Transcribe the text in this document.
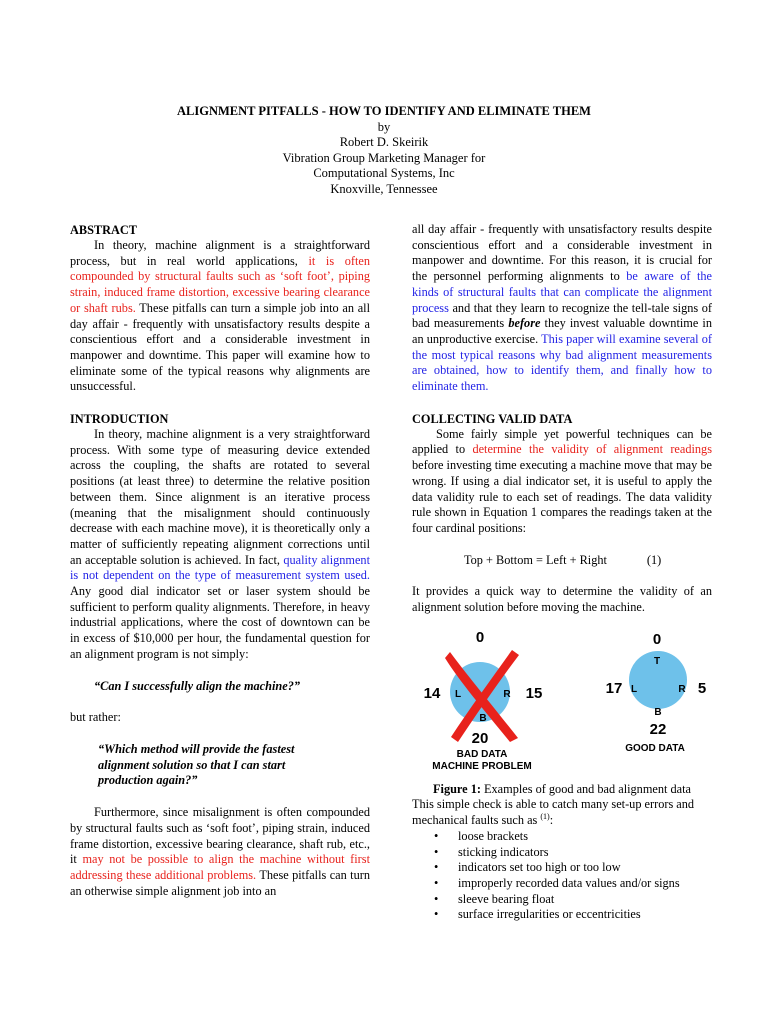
ALIGNMENT PITFALLS - HOW TO IDENTIFY AND ELIMINATE THEM
by
Robert D. Skeirik
Vibration Group Marketing Manager for
Computational Systems, Inc
Knoxville, Tennessee

ABSTRACT

In theory, machine alignment is a straightforward process, but in real world applications, it is often compounded by structural faults such as ‘soft foot’, piping strain, induced frame distortion, excessive bearing clearance or shaft rubs. These pitfalls can turn a simple job into an all day affair - frequently with unsatisfactory results despite a conscientious effort and a considerable investment in manpower and downtime. This paper will examine how to eliminate some of the typical reasons why alignments are unsuccessful.

INTRODUCTION

In theory, machine alignment is a very straightforward process. With some type of measuring device extended across the coupling, the shafts are rotated to several positions (at least three) to determine the relative position between them. Since alignment is an iterative process (meaning that the misalignment should continuously decrease with each machine move), it is theoretically only a matter of sufficiently repeating alignment corrections until an acceptable solution is achieved. In fact, quality alignment is not dependent on the type of measurement system used. Any good dial indicator set or laser system should be sufficient to perform quality alignments. Therefore, in heavy industrial applications, where the cost of downtown can be in excess of $10,000 per hour, the fundamental question for an alignment program is not simply:

“Can I successfully align the machine?”

but rather:

“Which method will provide the fastest alignment solution so that I can start production again?”

Furthermore, since misalignment is often compounded by structural faults such as ‘soft foot’, piping strain, induced frame distortion, excessive bearing clearance, shaft rub, etc., it may not be possible to align the machine without first addressing these additional problems. These pitfalls can turn an otherwise simple alignment job into an

all day affair - frequently with unsatisfactory results despite conscientious effort and a considerable investment in manpower and downtime. For this reason, it is crucial for the personnel performing alignments to be aware of the kinds of structural faults that can complicate the alignment process and that they learn to recognize the tell-tale signs of bad measurements before they invest valuable downtime in an unproductive exercise. This paper will examine several of the most typical reasons why bad alignment measurements are obtained, how to identify them, and finally how to eliminate them.

COLLECTING VALID DATA

Some fairly simple yet powerful techniques can be applied to determine the validity of alignment readings before investing time executing a machine move that may be wrong. If using a dial indicator set, it is useful to apply the data validity rule to each set of readings. The data validity rule shown in Equation 1 compares the readings taken at the four cardinal positions:

Top + Bottom = Left + Right	(1)

It provides a quick way to determine the validity of an alignment solution before moving the machine.

0
14	15
20
L	R
B
BAD DATA
MACHINE PROBLEM
0
17	5
22
T
L	R
B
GOOD DATA

Figure 1: Examples of good and bad alignment data

This simple check is able to catch many set-up errors and mechanical faults such as $^{(1)}$:

• loose brackets
• sticking indicators
• indicators set too high or too low
• improperly recorded data values and/or signs
• sleeve bearing float
• surface irregularities or eccentricities
